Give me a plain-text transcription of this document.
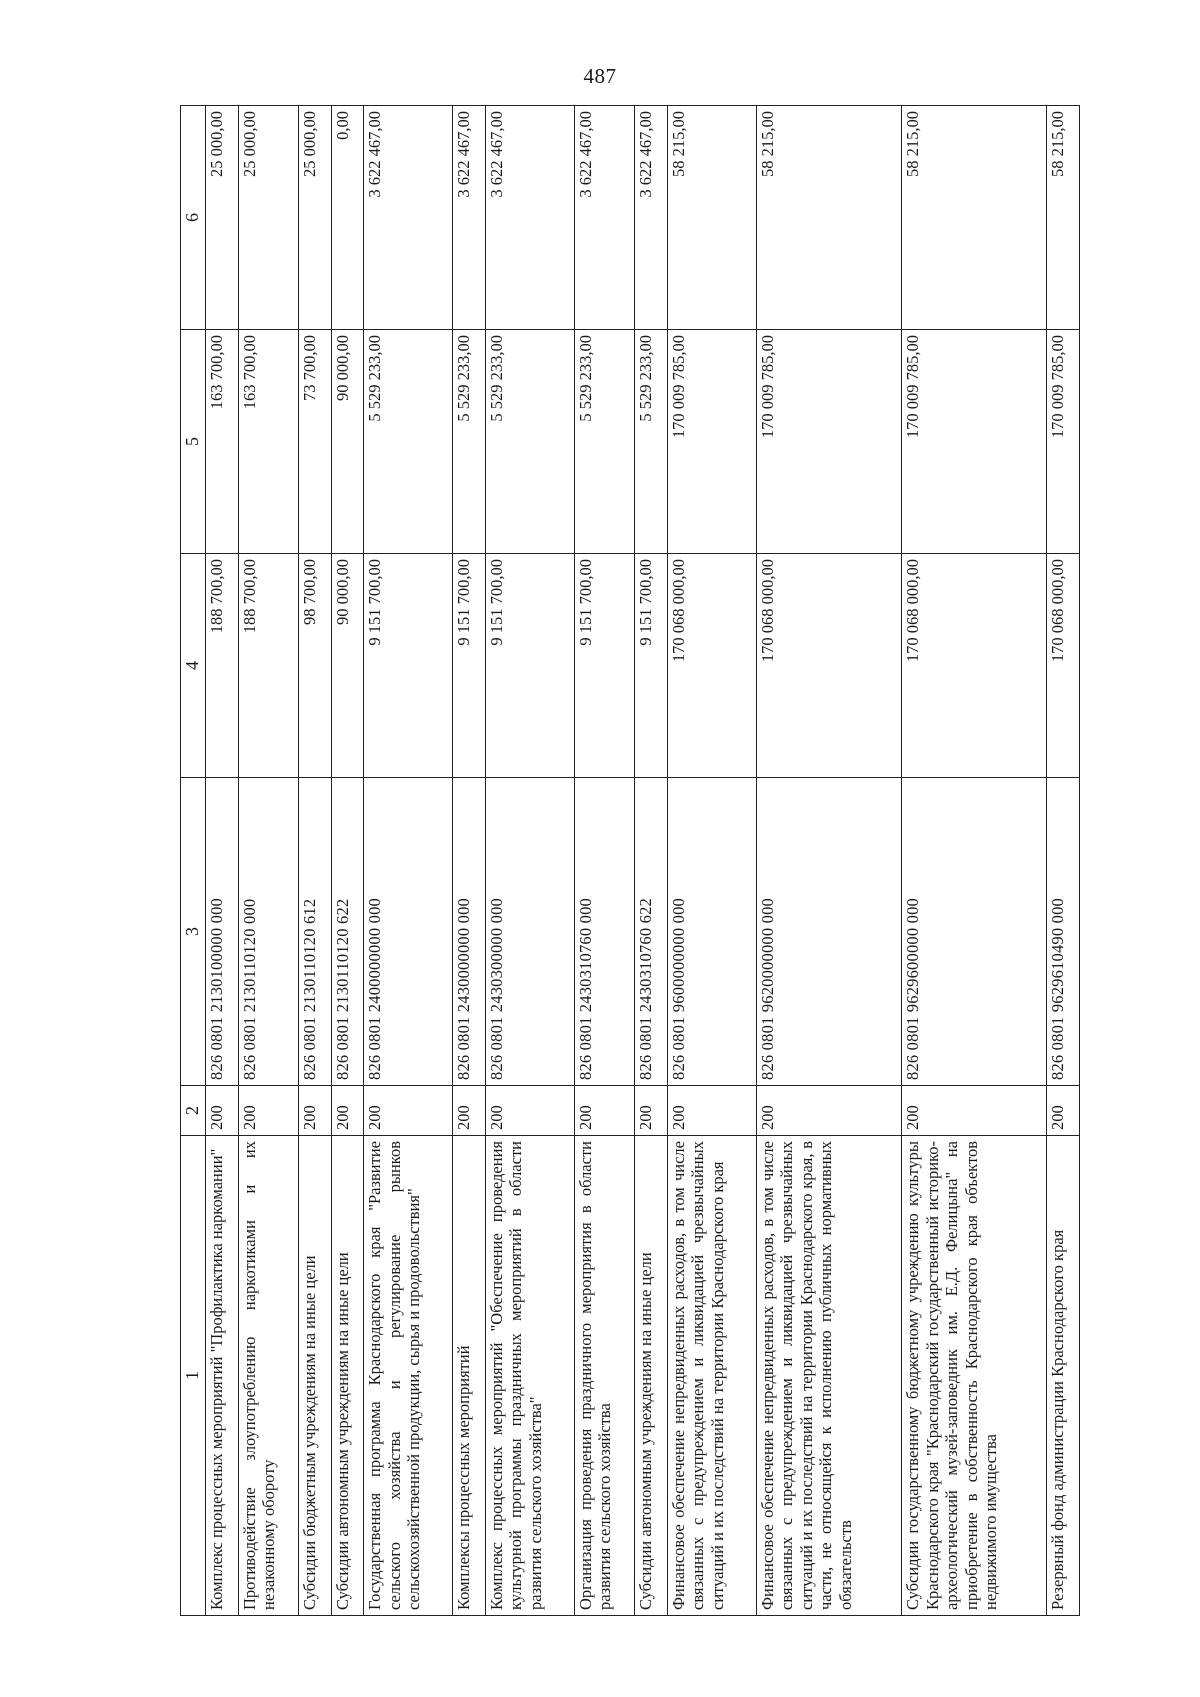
487
1	2	3	4	5	6
Комплекс процессных мероприятий "Профилактика наркомании"	200	826 0801 2130100000 000	188 700,00	163 700,00	25 000,00
Противодействие злоупотреблению наркотиками и их незаконному обороту	200	826 0801 2130110120 000	188 700,00	163 700,00	25 000,00
Субсидии бюджетным учреждениям на иные цели	200	826 0801 2130110120 612	98 700,00	73 700,00	25 000,00
Субсидии автономным учреждениям на иные цели	200	826 0801 2130110120 622	90 000,00	90 000,00	0,00
Государственная программа Краснодарского края "Развитие сельского хозяйства и регулирование рынков сельскохозяйственной продукции, сырья и продовольствия"	200	826 0801 2400000000 000	9 151 700,00	5 529 233,00	3 622 467,00
Комплексы процессных мероприятий	200	826 0801 2430000000 000	9 151 700,00	5 529 233,00	3 622 467,00
Комплекс процессных мероприятий "Обеспечение проведения культурной программы праздничных мероприятий в области развития сельского хозяйства"	200	826 0801 2430300000 000	9 151 700,00	5 529 233,00	3 622 467,00
Организация проведения праздничного мероприятия в области развития сельского хозяйства	200	826 0801 2430310760 000	9 151 700,00	5 529 233,00	3 622 467,00
Субсидии автономным учреждениям на иные цели	200	826 0801 2430310760 622	9 151 700,00	5 529 233,00	3 622 467,00
Финансовое обеспечение непредвиденных расходов, в том числе связанных с предупреждением и ликвидацией чрезвычайных ситуаций и их последствий на территории Краснодарского края	200	826 0801 9600000000 000	170 068 000,00	170 009 785,00	58 215,00
Финансовое обеспечение непредвиденных расходов, в том числе связанных с предупреждением и ликвидацией чрезвычайных ситуаций и их последствий на территории Краснодарского края, в части, не относящейся к исполнению публичных нормативных обязательств	200	826 0801 9620000000 000	170 068 000,00	170 009 785,00	58 215,00
Субсидии государственному бюджетному учреждению культуры Краснодарского края "Краснодарский государственный историко-археологический музей-заповедник им. Е.Д. Фелицына" на приобретение в собственность Краснодарского края объектов недвижимого имущества	200	826 0801 9629600000 000	170 068 000,00	170 009 785,00	58 215,00
Резервный фонд администрации Краснодарского края	200	826 0801 9629610490 000	170 068 000,00	170 009 785,00	58 215,00
